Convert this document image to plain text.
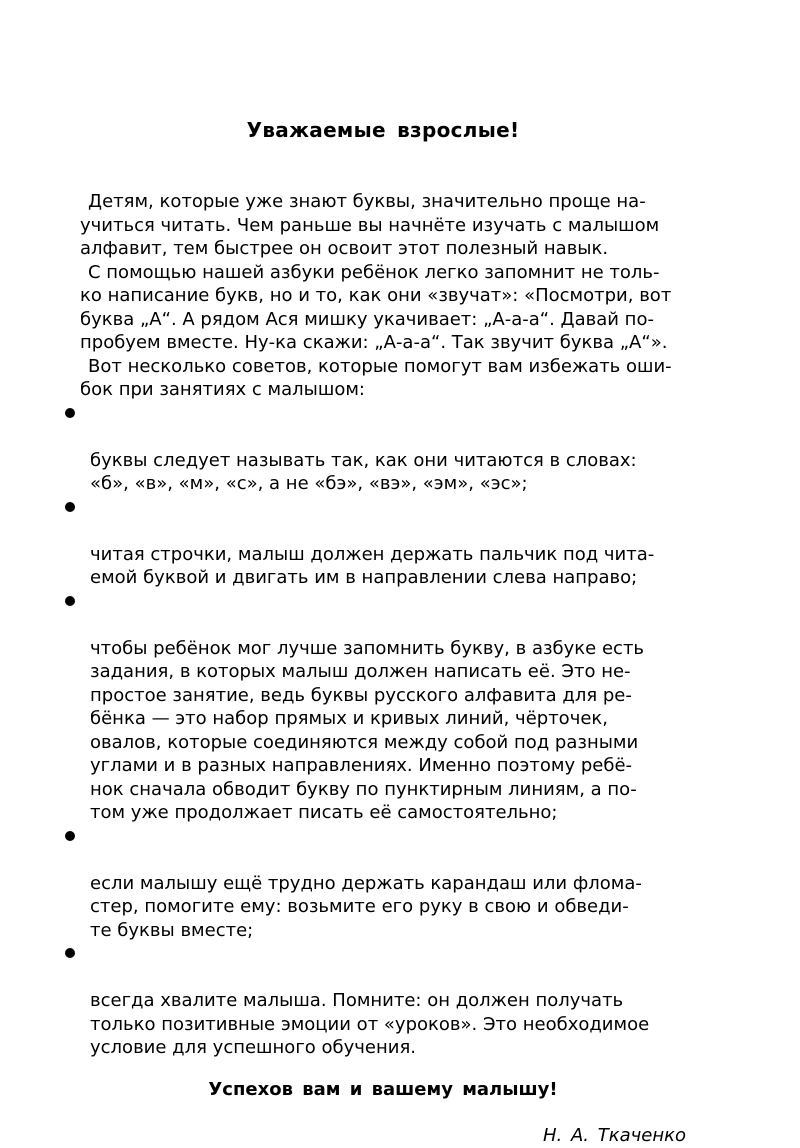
Уважаемые взрослые!

Детям, которые уже знают буквы, значительно проще на-
учиться читать. Чем раньше вы начнёте изучать с малышом
алфавит, тем быстрее он освоит этот полезный навык.

С помощью нашей азбуки ребёнок легко запомнит не толь-
ко написание букв, но и то, как они «звучат»: «Посмотри, вот
буква „А“. А рядом Ася мишку укачивает: „А-а-а“. Давай по-
пробуем вместе. Ну-ка скажи: „А-а-а“. Так звучит буква „А“».

Вот несколько советов, которые помогут вам избежать оши-
бок при занятиях с малышом:

буквы следует называть так, как они читаются в словах:
«б», «в», «м», «с», а не «бэ», «вэ», «эм», «эс»;

читая строчки, малыш должен держать пальчик под чита-
емой буквой и двигать им в направлении слева направо;

чтобы ребёнок мог лучше запомнить букву, в азбуке есть
задания, в которых малыш должен написать её. Это не-
простое занятие, ведь буквы русского алфавита для ре-
бёнка — это набор прямых и кривых линий, чёрточек,
овалов, которые соединяются между собой под разными
углами и в разных направлениях. Именно поэтому ребё-
нок сначала обводит букву по пунктирным линиям, а по-
том уже продолжает писать её самостоятельно;

если малышу ещё трудно держать карандаш или флома-
стер, помогите ему: возьмите его руку в свою и обведи-
те буквы вместе;

всегда хвалите малыша. Помните: он должен получать
только позитивные эмоции от «уроков». Это необходимое
условие для успешного обучения.

Успехов вам и вашему малышу!

Н. А. Ткаченко
